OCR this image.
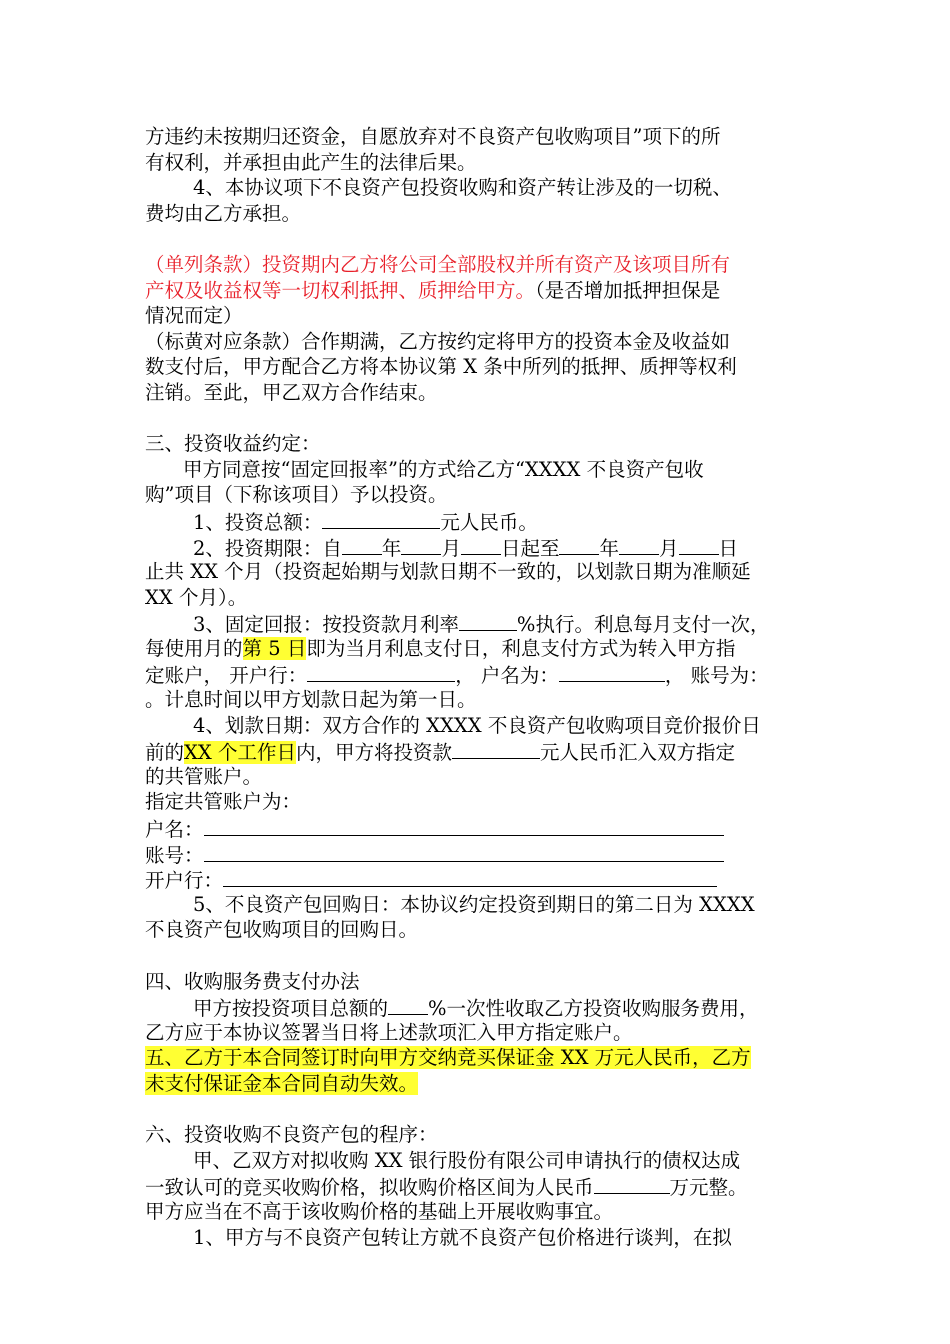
方违约未按期归还资金，自愿放弃对不良资产包收购项目”项下的所
有权利，并承担由此产生的法律后果。
4、本协议项下不良资产包投资收购和资产转让涉及的一切税、
费均由乙方承担。
（单列条款）投资期内乙方将公司全部股权并所有资产及该项目所有
产权及收益权等一切权利抵押、质押给甲方。（是否增加抵押担保是
情况而定）
（标黄对应条款）合作期满，乙方按约定将甲方的投资本金及收益如
数支付后，甲方配合乙方将本协议第 X 条中所列的抵押、质押等权利
注销。至此，甲乙双方合作结束。
三、投资收益约定：
甲方同意按“固定回报率”的方式给乙方“XXXX 不良资产包收
购”项目（下称该项目）予以投资。
1、投资总额：	元人民币。
2、投资期限：自 年 月 日起至 年 月 日
止共 XX 个月（投资起始期与划款日期不一致的，以划款日期为准顺延
XX 个月）。
3、固定回报：按投资款月利率	%执行。利息每月支付一次，
每使用月的第 5 日即为当月利息支付日，利息支付方式为转入甲方指
定账户， 开户行：	， 户名为：	， 账号为：
。计息时间以甲方划款日起为第一日。
4、划款日期：双方合作的 XXXX 不良资产包收购项目竞价报价日
前的XX 个工作日内，甲方将投资款	元人民币汇入双方指定
的共管账户。
指定共管账户为：
户名：
账号：
开户行：
5、不良资产包回购日：本协议约定投资到期日的第二日为 XXXX
不良资产包收购项目的回购日。
四、收购服务费支付办法
甲方按投资项目总额的 %一次性收取乙方投资收购服务费用，
乙方应于本协议签署当日将上述款项汇入甲方指定账户。
五、乙方于本合同签订时向甲方交纳竞买保证金 XX 万元人民币，乙方
未支付保证金本合同自动失效。
六、投资收购不良资产包的程序：
甲、乙双方对拟收购 XX 银行股份有限公司申请执行的债权达成
一致认可的竞买收购价格，拟收购价格区间为人民币	万元整。
甲方应当在不高于该收购价格的基础上开展收购事宜。
1、甲方与不良资产包转让方就不良资产包价格进行谈判，在拟
